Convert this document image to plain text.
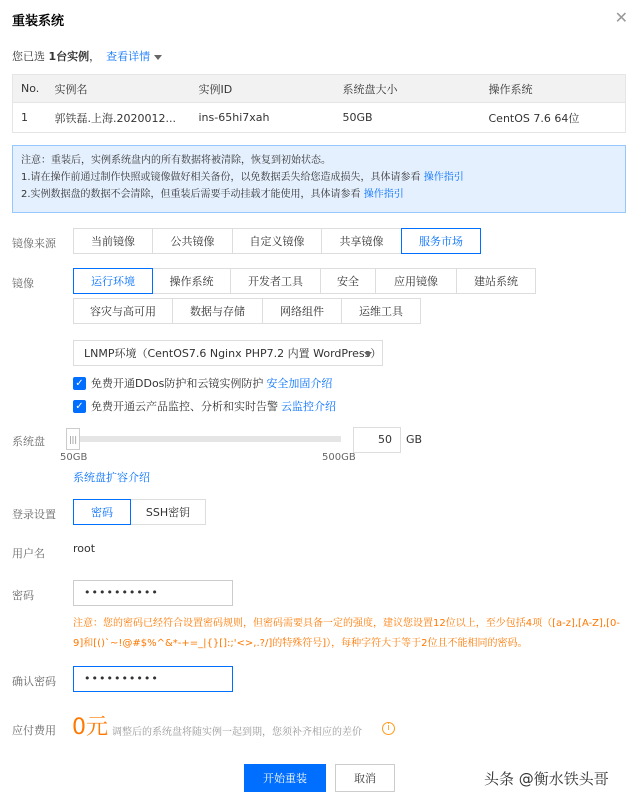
重装系统	✕
您已选 1台实例， 查看详情
No.	实例名	实例ID	系统盘大小	操作系统
1	郭铁磊.上海.2020012...	ins-65hi7xah	50GB	CentOS 7.6 64位
注意：重装后，实例系统盘内的所有数据将被清除，恢复到初始状态。
1.请在操作前通过制作快照或镜像做好相关备份，以免数据丢失给您造成损失，具体请参看 操作指引
2.实例数据盘的数据不会清除，但重装后需要手动挂载才能使用，具体请参看 操作指引
镜像来源	当前镜像	公共镜像	自定义镜像	共享镜像	服务市场
镜像	运行环境	操作系统	开发者工具	安全	应用镜像	建站系统
容灾与高可用	数据与存储	网络组件	运维工具
LNMP环境（CentOS7.6 Nginx PHP7.2 内置 WordPress）
✓ 免费开通DDos防护和云镜实例防护 安全加固介绍
✓ 免费开通云产品监控、分析和实时告警 云监控介绍
系统盘	|||	50	GB
50GB	500GB
系统盘扩容介绍
登录设置	密码	SSH密钥
用户名	root
密码	••••••••••
注意：您的密码已经符合设置密码规则，但密码需要具备一定的强度，建议您设置12位以上，至少包括4项（[a-z],[A-Z],[0-9]和[()`~!@#$%^&*-+=_|{}[]:;'<>,.?/]的特殊符号]），每种字符大于等于2位且不能相同的密码。
确认密码	••••••••••
应付费用 0元 调整后的系统盘将随实例一起到期，您须补齐相应的差价	i
开始重装	取消	头条 @衡水铁头哥
